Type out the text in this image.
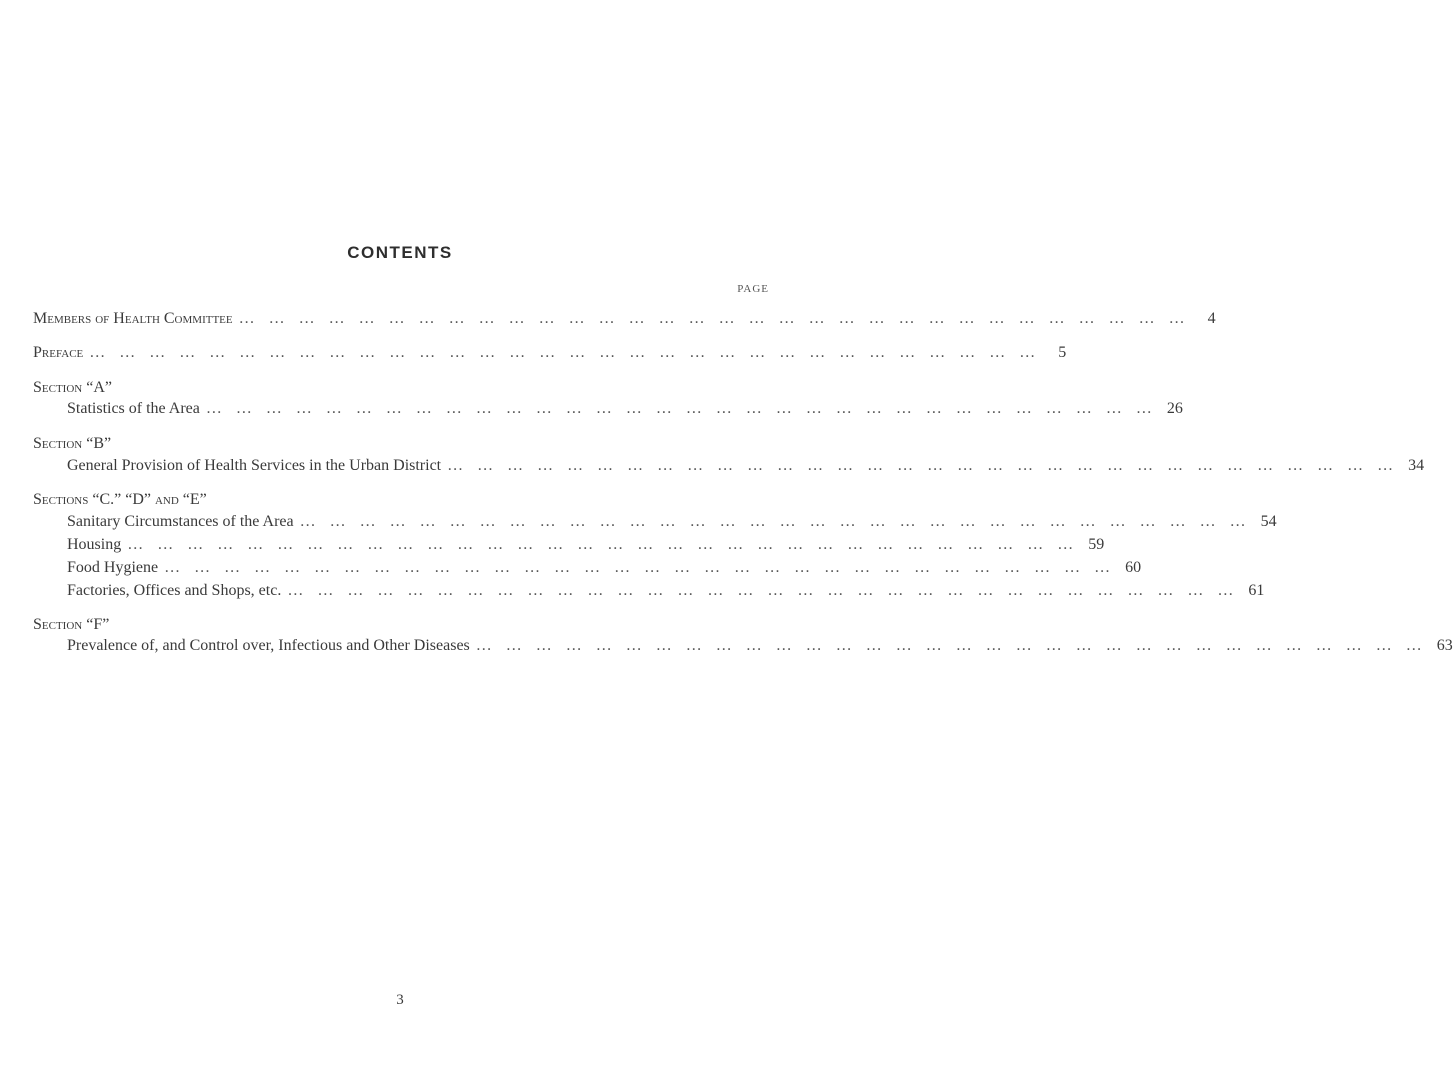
CONTENTS
PAGE
Members of Health Committee … … … … … … … … … … … … … … … … … … … … … … … … … … … … … … … …	4
Preface … … … … … … … … … … … … … … … … … … … … … … … … … … … … … … … …	5
Section “A”
Statistics of the Area … … … … … … … … … … … … … … … … … … … … … … … … … … … … … … … … 26
Section “B”
General Provision of Health Services in the Urban District … … … … … … … … … … … … … … … … … … … … … … … … … … … … … … … … 34
Sections “C.” “D” and “E”
Sanitary Circumstances of the Area … … … … … … … … … … … … … … … … … … … … … … … … … … … … … … … … 54
Housing … … … … … … … … … … … … … … … … … … … … … … … … … … … … … … … … 59
Food Hygiene … … … … … … … … … … … … … … … … … … … … … … … … … … … … … … … … 60
Factories, Offices and Shops, etc. … … … … … … … … … … … … … … … … … … … … … … … … … … … … … … … … 61
Section “F”
Prevalence of, and Control over, Infectious and Other Diseases … … … … … … … … … … … … … … … … … … … … … … … … … … … … … … … … 63
3
